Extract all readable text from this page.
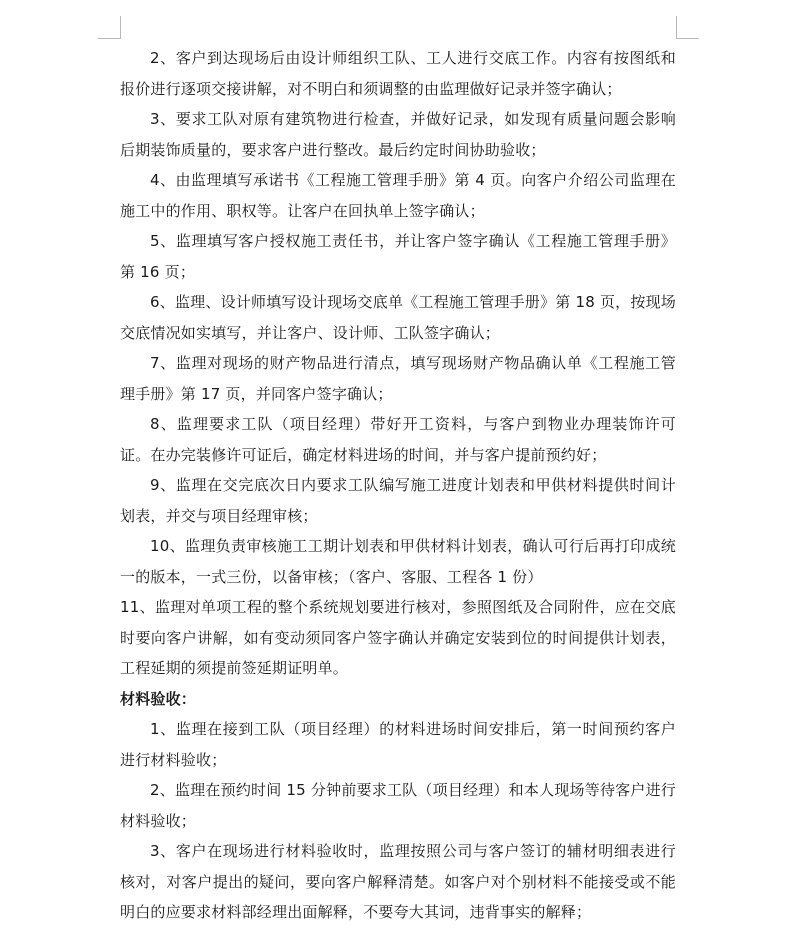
2、客户到达现场后由设计师组织工队、工人进行交底工作。内容有按图纸和报价进行逐项交接讲解，对不明白和须调整的由监理做好记录并签字确认；

3、要求工队对原有建筑物进行检查，并做好记录，如发现有质量问题会影响后期装饰质量的，要求客户进行整改。最后约定时间协助验收；

4、由监理填写承诺书《工程施工管理手册》第 4 页。向客户介绍公司监理在施工中的作用、职权等。让客户在回执单上签字确认；

5、监理填写客户授权施工责任书，并让客户签字确认《工程施工管理手册》第 16 页；

6、监理、设计师填写设计现场交底单《工程施工管理手册》第 18 页，按现场交底情况如实填写，并让客户、设计师、工队签字确认；

7、监理对现场的财产物品进行清点，填写现场财产物品确认单《工程施工管理手册》第 17 页，并同客户签字确认；

8、监理要求工队（项目经理）带好开工资料，与客户到物业办理装饰许可证。在办完装修许可证后，确定材料进场的时间，并与客户提前预约好；

9、监理在交完底次日内要求工队编写施工进度计划表和甲供材料提供时间计划表，并交与项目经理审核；

10、监理负责审核施工工期计划表和甲供材料计划表，确认可行后再打印成统一的版本，一式三份，以备审核；（客户、客服、工程各 1 份）

11、监理对单项工程的整个系统规划要进行核对，参照图纸及合同附件，应在交底时要向客户讲解，如有变动须同客户签字确认并确定安装到位的时间提供计划表，工程延期的须提前签延期证明单。

材料验收：

1、监理在接到工队（项目经理）的材料进场时间安排后，第一时间预约客户进行材料验收；

2、监理在预约时间 15 分钟前要求工队（项目经理）和本人现场等待客户进行材料验收；

3、客户在现场进行材料验收时，监理按照公司与客户签订的辅材明细表进行核对，对客户提出的疑问，要向客户解释清楚。如客户对个别材料不能接受或不能明白的应要求材料部经理出面解释，不要夸大其词，违背事实的解释；
